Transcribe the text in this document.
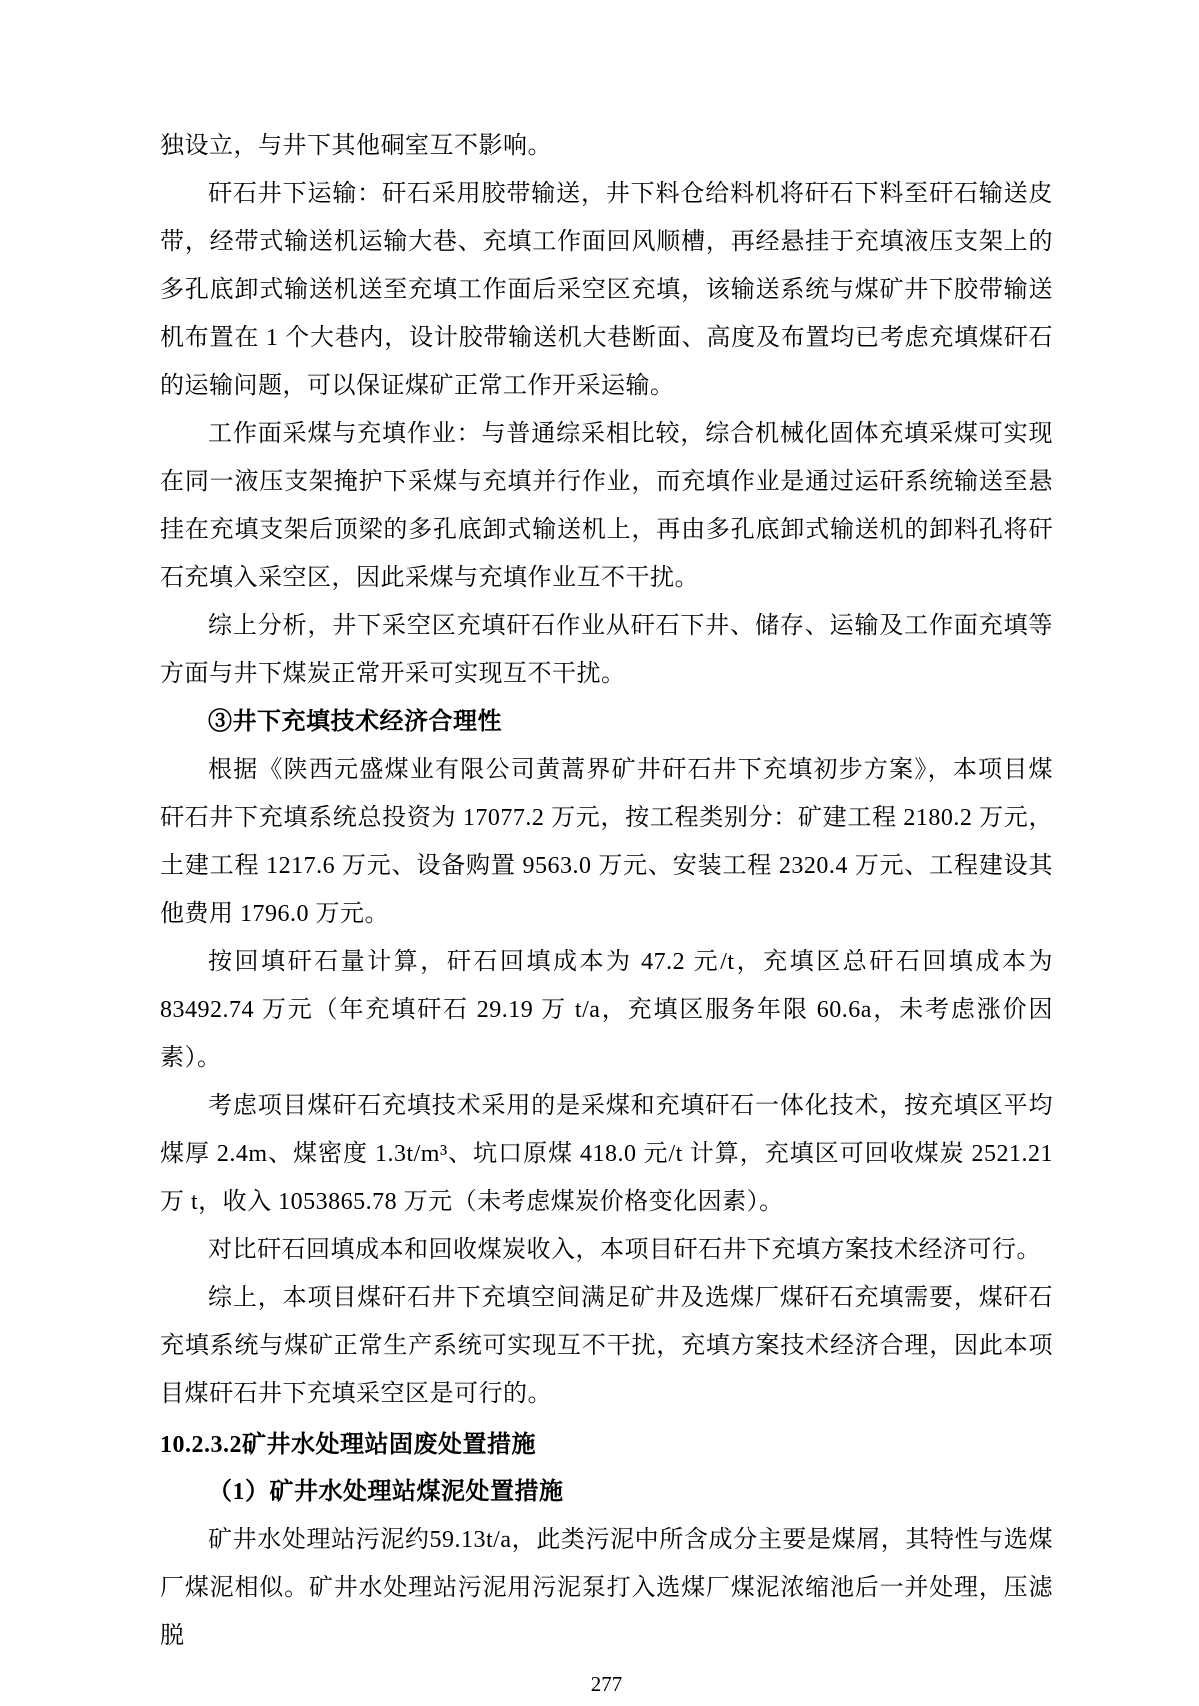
独设立，与井下其他硐室互不影响。

矸石井下运输：矸石采用胶带输送，井下料仓给料机将矸石下料至矸石输送皮带，经带式输送机运输大巷、充填工作面回风顺槽，再经悬挂于充填液压支架上的多孔底卸式输送机送至充填工作面后采空区充填，该输送系统与煤矿井下胶带输送机布置在 1 个大巷内，设计胶带输送机大巷断面、高度及布置均已考虑充填煤矸石的运输问题，可以保证煤矿正常工作开采运输。

工作面采煤与充填作业：与普通综采相比较，综合机械化固体充填采煤可实现在同一液压支架掩护下采煤与充填并行作业，而充填作业是通过运矸系统输送至悬挂在充填支架后顶梁的多孔底卸式输送机上，再由多孔底卸式输送机的卸料孔将矸石充填入采空区，因此采煤与充填作业互不干扰。

综上分析，井下采空区充填矸石作业从矸石下井、储存、运输及工作面充填等方面与井下煤炭正常开采可实现互不干扰。

③井下充填技术经济合理性

根据《陕西元盛煤业有限公司黄蒿界矿井矸石井下充填初步方案》，本项目煤矸石井下充填系统总投资为 17077.2 万元，按工程类别分：矿建工程 2180.2 万元，土建工程 1217.6 万元、设备购置 9563.0 万元、安装工程 2320.4 万元、工程建设其他费用 1796.0 万元。

按回填矸石量计算，矸石回填成本为 47.2 元/t，充填区总矸石回填成本为 83492.74 万元（年充填矸石 29.19 万 t/a，充填区服务年限 60.6a，未考虑涨价因素）。

考虑项目煤矸石充填技术采用的是采煤和充填矸石一体化技术，按充填区平均煤厚 2.4m、煤密度 1.3t/m³、坑口原煤 418.0 元/t 计算，充填区可回收煤炭 2521.21 万 t，收入 1053865.78 万元（未考虑煤炭价格变化因素）。

对比矸石回填成本和回收煤炭收入，本项目矸石井下充填方案技术经济可行。

综上，本项目煤矸石井下充填空间满足矿井及选煤厂煤矸石充填需要，煤矸石充填系统与煤矿正常生产系统可实现互不干扰，充填方案技术经济合理，因此本项目煤矸石井下充填采空区是可行的。

10.2.3.2矿井水处理站固废处置措施
（1）矿井水处理站煤泥处置措施

矿井水处理站污泥约59.13t/a，此类污泥中所含成分主要是煤屑，其特性与选煤厂煤泥相似。矿井水处理站污泥用污泥泵打入选煤厂煤泥浓缩池后一并处理，压滤脱

277
